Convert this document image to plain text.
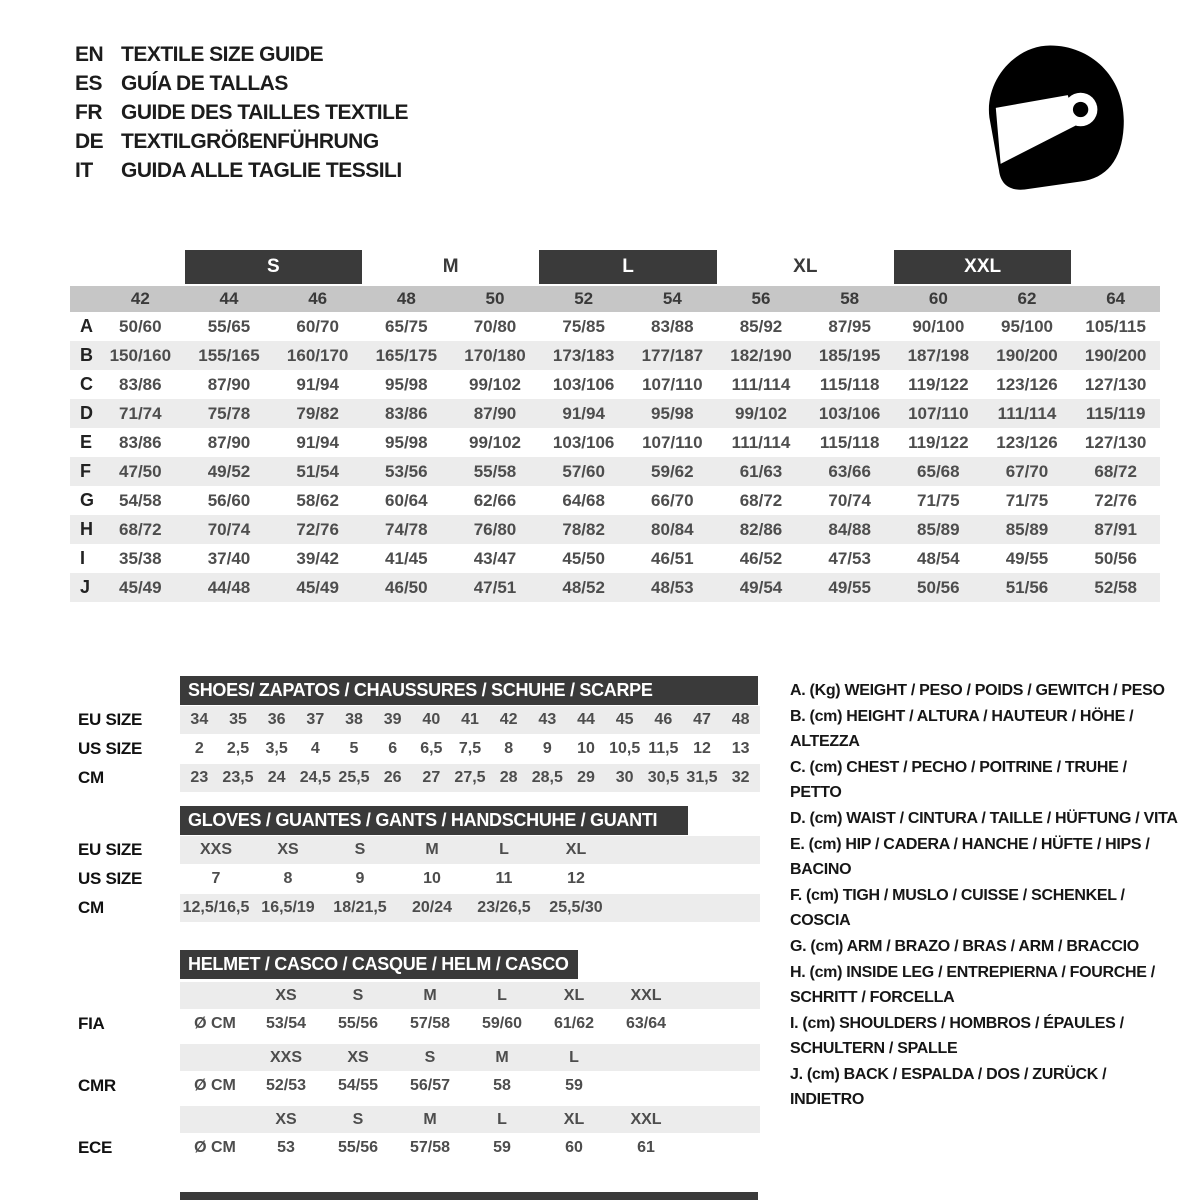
EN TEXTILE SIZE GUIDE
ES GUÍA DE TALLAS
FR GUIDE DES TAILLES TEXTILE
DE TEXTILGRÖßENFÜHRUNG
IT	GUIDA ALLE TAGLIE TESSILI
S	M	L	XL	XXL
42	44	46	48	50	52	54	56	58	60	62	64
A	50/60	55/65	60/70	65/75	70/80	75/85	83/88	85/92	87/95	90/100	95/100	105/115
B 150/160	155/165	160/170	165/175	170/180	173/183	177/187	182/190	185/195	187/198	190/200	190/200
C	83/86	87/90	91/94	95/98	99/102	103/106	107/110	111/114	115/118	119/122	123/126	127/130
D	71/74	75/78	79/82	83/86	87/90	91/94	95/98	99/102	103/106	107/110	111/114	115/119
E	83/86	87/90	91/94	95/98	99/102	103/106	107/110	111/114	115/118	119/122	123/126	127/130
F	47/50	49/52	51/54	53/56	55/58	57/60	59/62	61/63	63/66	65/68	67/70	68/72
G	54/58	56/60	58/62	60/64	62/66	64/68	66/70	68/72	70/74	71/75	71/75	72/76
H	68/72	70/74	72/76	74/78	76/80	78/82	80/84	82/86	84/88	85/89	85/89	87/91
I	35/38	37/40	39/42	41/45	43/47	45/50	46/51	46/52	47/53	48/54	49/55	50/56
J	45/49	44/48	45/49	46/50	47/51	48/52	48/53	49/54	49/55	50/56	51/56	52/58
SHOES/ ZAPATOS / CHAUSSURES / SCHUHE / SCARPE
EU SIZE	34	35	36	37	38	39	40	41	42	43	44	45	46	47	48
US SIZE	2	2,5	3,5	4	5	6	6,5	7,5	8	9	10 10,5 11,5 12	13
CM	23 23,5 24 24,5 25,5 26	27 27,5 28 28,5 29	30 30,5 31,5 32
GLOVES / GUANTES / GANTS / HANDSCHUHE / GUANTI
EU SIZE	XXS	XS	S	M	L	XL
US SIZE	7	8	9	10	11	12
CM	12,5/16,5 16,5/19	18/21,5	20/24	23/26,5	25,5/30
HELMET / CASCO / CASQUE / HELM / CASCO
XS	S	M	L	XL	XXL
FIA	Ø CM	53/54	55/56	57/58	59/60	61/62	63/64
XXS	XS	S	M	L
CMR	Ø CM	52/53	54/55	56/57	58	59
XS	S	M	L	XL	XXL
ECE	Ø CM	53	55/56	57/58	59	60	61
A. (Kg) WEIGHT / PESO / POIDS / GEWITCH / PESO
B. (cm) HEIGHT / ALTURA / HAUTEUR / HÖHE / ALTEZZA
C. (cm) CHEST / PECHO / POITRINE / TRUHE / PETTO
D. (cm) WAIST / CINTURA / TAILLE / HÜFTUNG / VITA
E. (cm) HIP / CADERA / HANCHE / HÜFTE / HIPS / BACINO
F. (cm) TIGH / MUSLO / CUISSE / SCHENKEL / COSCIA
G. (cm) ARM / BRAZO / BRAS / ARM / BRACCIO
H. (cm) INSIDE LEG / ENTREPIERNA / FOURCHE / SCHRITT / FORCELLA
I. (cm) SHOULDERS / HOMBROS / ÉPAULES / SCHULTERN / SPALLE
J. (cm) BACK / ESPALDA / DOS / ZURÜCK / INDIETRO
